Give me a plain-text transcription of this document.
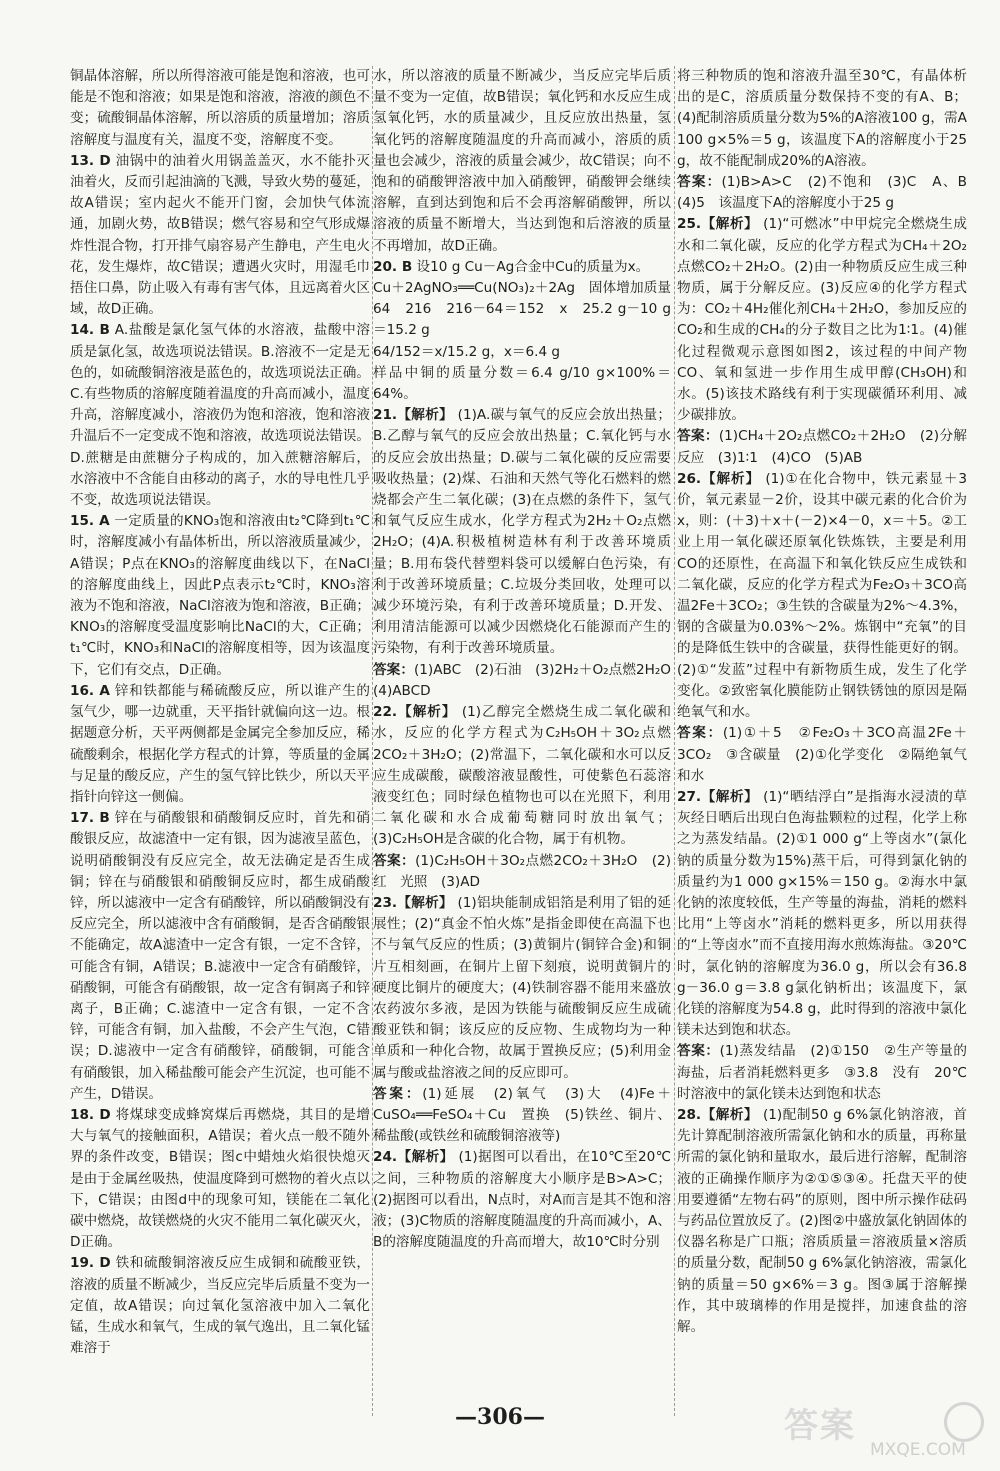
铜晶体溶解，所以所得溶液可能是饱和溶液，也可能是不饱和溶液；如果是饱和溶液，溶液的颜色不变；硫酸铜晶体溶解，所以溶质的质量增加；溶质溶解度与温度有关，温度不变，溶解度不变。

13. D 油锅中的油着火用锅盖盖灭，水不能扑灭油着火，反而引起油滴的飞溅，导致火势的蔓延，故A错误；室内起火不能开门窗，会加快气体流通，加剧火势，故B错误；燃气容易和空气形成爆炸性混合物，打开排气扇容易产生静电，产生电火花，发生爆炸，故C错误；遭遇火灾时，用湿毛巾捂住口鼻，防止吸入有毒有害气体，且远离着火区域，故D正确。

14. B A.盐酸是氯化氢气体的水溶液，盐酸中溶质是氯化氢，故选项说法错误。B.溶液不一定是无色的，如硫酸铜溶液是蓝色的，故选项说法正确。C.有些物质的溶解度随着温度的升高而减小，温度升高，溶解度减小，溶液仍为饱和溶液，饱和溶液升温后不一定变成不饱和溶液，故选项说法错误。D.蔗糖是由蔗糖分子构成的，加入蔗糖溶解后，水溶液中不含能自由移动的离子，水的导电性几乎不变，故选项说法错误。

15. A 一定质量的KNO₃饱和溶液由t₂℃降到t₁℃时，溶解度减小有晶体析出，所以溶液质量减少，A错误；P点在KNO₃的溶解度曲线以下，在NaCl的溶解度曲线上，因此P点表示t₂℃时，KNO₃溶液为不饱和溶液，NaCl溶液为饱和溶液，B正确；KNO₃的溶解度受温度影响比NaCl的大，C正确；t₁℃时，KNO₃和NaCl的溶解度相等，因为该温度下，它们有交点，D正确。

16. A 锌和铁都能与稀硫酸反应，所以谁产生的氢气少，哪一边就重，天平指针就偏向这一边。根据题意分析，天平两侧都是金属完全参加反应，稀硫酸剩余，根据化学方程式的计算，等质量的金属与足量的酸反应，产生的氢气锌比铁少，所以天平指针向锌这一侧偏。

17. B 锌在与硝酸银和硝酸铜反应时，首先和硝酸银反应，故滤渣中一定有银，因为滤液呈蓝色，说明硝酸铜没有反应完全，故无法确定是否生成铜；锌在与硝酸银和硝酸铜反应时，都生成硝酸锌，所以滤液中一定含有硝酸锌，所以硝酸铜没有反应完全，所以滤液中含有硝酸铜，是否含硝酸银不能确定，故A滤渣中一定含有银，一定不含锌，可能含有铜，A错误；B.滤液中一定含有硝酸锌，硝酸铜，可能含有硝酸银，故一定含有铜离子和锌离子，B正确；C.滤渣中一定含有银，一定不含锌，可能含有铜，加入盐酸，不会产生气泡，C错误；D.滤液中一定含有硝酸锌，硝酸铜，可能含有硝酸银，加入稀盐酸可能会产生沉淀，也可能不产生，D错误。

18. D 将煤球变成蜂窝煤后再燃烧，其目的是增大与氧气的接触面积，A错误；着火点一般不随外界的条件改变，B错误；图c中蜡烛火焰很快熄灭是由于金属丝吸热，使温度降到可燃物的着火点以下，C错误；由图d中的现象可知，镁能在二氧化碳中燃烧，故镁燃烧的火灾不能用二氧化碳灭火，D正确。

19. D 铁和硫酸铜溶液反应生成铜和硫酸亚铁，溶液的质量不断减少，当反应完毕后质量不变为一定值，故A错误；向过氧化氢溶液中加入二氧化锰，生成水和氧气，生成的氧气逸出，且二氧化锰难溶于

水，所以溶液的质量不断减少，当反应完毕后质量不变为一定值，故B错误；氧化钙和水反应生成氢氧化钙，水的质量减少，且反应放出热量，氢氧化钙的溶解度随温度的升高而减小，溶质的质量也会减少，溶液的质量会减少，故C错误；向不饱和的硝酸钾溶液中加入硝酸钾，硝酸钾会继续溶解，直到达到饱和后不会再溶解硝酸钾，所以溶液的质量不断增大，当达到饱和后溶液的质量不再增加，故D正确。

20. B 设10 g Cu－Ag合金中Cu的质量为x。

Cu＋2AgNO₃══Cu(NO₃)₂＋2Ag　固体增加质量　64　216　216－64＝152　x　25.2 g－10 g＝15.2 g

64/152＝x/15.2 g，x＝6.4 g

样品中铜的质量分数＝6.4 g/10 g×100%＝64%。

21.【解析】 (1)A.碳与氧气的反应会放出热量；B.乙醇与氧气的反应会放出热量；C.氧化钙与水的反应会放出热量；D.碳与二氧化碳的反应需要吸收热量；(2)煤、石油和天然气等化石燃料的燃烧都会产生二氧化碳；(3)在点燃的条件下，氢气和氧气反应生成水，化学方程式为2H₂＋O₂点燃2H₂O；(4)A.积极植树造林有利于改善环境质量；B.用布袋代替塑料袋可以缓解白色污染，有利于改善环境质量；C.垃圾分类回收，处理可以减少环境污染，有利于改善环境质量；D.开发、利用清洁能源可以减少因燃烧化石能源而产生的污染物，有利于改善环境质量。

答案：(1)ABC　(2)石油　(3)2H₂＋O₂点燃2H₂O　(4)ABCD

22.【解析】 (1)乙醇完全燃烧生成二氧化碳和水，反应的化学方程式为C₂H₅OH＋3O₂点燃2CO₂＋3H₂O；(2)常温下，二氧化碳和水可以反应生成碳酸，碳酸溶液显酸性，可使紫色石蕊溶液变红色；同时绿色植物也可以在光照下，利用二氧化碳和水合成葡萄糖同时放出氧气；(3)C₂H₅OH是含碳的化合物，属于有机物。

答案：(1)C₂H₅OH＋3O₂点燃2CO₂＋3H₂O　(2)红　光照　(3)AD

23.【解析】 (1)铝块能制成铝箔是利用了铝的延展性；(2)“真金不怕火炼”是指金即使在高温下也不与氧气反应的性质；(3)黄铜片(铜锌合金)和铜片互相刻画，在铜片上留下刻痕，说明黄铜片的硬度比铜片的硬度大；(4)铁制容器不能用来盛放农药波尔多液，是因为铁能与硫酸铜反应生成硫酸亚铁和铜；该反应的反应物、生成物均为一种单质和一种化合物，故属于置换反应；(5)利用金属与酸或盐溶液之间的反应即可。

答案：(1)延展　(2)氧气　(3)大　(4)Fe＋CuSO₄══FeSO₄＋Cu　置换　(5)铁丝、铜片、稀盐酸(或铁丝和硫酸铜溶液等)

24.【解析】 (1)据图可以看出，在10℃至20℃之间，三种物质的溶解度大小顺序是B>A>C；(2)据图可以看出，N点时，对A而言是其不饱和溶液；(3)C物质的溶解度随温度的升高而减小，A、B的溶解度随温度的升高而增大，故10℃时分别

将三种物质的饱和溶液升温至30℃，有晶体析出的是C，溶质质量分数保持不变的有A、B；(4)配制溶质质量分数为5%的A溶液100 g，需A 100 g×5%＝5 g，该温度下A的溶解度小于25 g，故不能配制成20%的A溶液。

答案：(1)B>A>C　(2)不饱和　(3)C　A、B　(4)5　该温度下A的溶解度小于25 g

25.【解析】 (1)“可燃冰”中甲烷完全燃烧生成水和二氧化碳，反应的化学方程式为CH₄＋2O₂点燃CO₂＋2H₂O。(2)由一种物质反应生成三种物质，属于分解反应。(3)反应④的化学方程式为：CO₂＋4H₂催化剂CH₄＋2H₂O，参加反应的CO₂和生成的CH₄的分子数目之比为1∶1。(4)催化过程微观示意图如图2，该过程的中间产物CO、氧和氢进一步作用生成甲醇(CH₃OH)和水。(5)该技术路线有利于实现碳循环利用、减少碳排放。

答案：(1)CH₄＋2O₂点燃CO₂＋2H₂O　(2)分解反应　(3)1∶1　(4)CO　(5)AB

26.【解析】 (1)①在化合物中，铁元素显＋3价，氧元素显－2价，设其中碳元素的化合价为x，则：(＋3)＋x＋(－2)×4－0，x＝＋5。②工业上用一氧化碳还原氧化铁炼铁，主要是利用CO的还原性，在高温下和氧化铁反应生成铁和二氧化碳，反应的化学方程式为Fe₂O₃＋3CO高温2Fe＋3CO₂；③生铁的含碳量为2%～4.3%，钢的含碳量为0.03%～2%。炼钢中“充氧”的目的是降低生铁中的含碳量，获得性能更好的钢。(2)①“发蓝”过程中有新物质生成，发生了化学变化。②致密氧化膜能防止钢铁锈蚀的原因是隔绝氧气和水。

答案：(1)①＋5　②Fe₂O₃＋3CO高温2Fe＋3CO₂　③含碳量　(2)①化学变化　②隔绝氧气和水

27.【解析】 (1)“晒结浮白”是指海水浸渍的草灰经日晒后出现白色海盐颗粒的过程，化学上称之为蒸发结晶。(2)①1 000 g“上等卤水”(氯化钠的质量分数为15%)蒸干后，可得到氯化钠的质量约为1 000 g×15%＝150 g。②海水中氯化钠的浓度较低，生产等量的海盐，消耗的燃料比用“上等卤水”消耗的燃料更多，所以用获得的“上等卤水”而不直接用海水煎炼海盐。③20℃时，氯化钠的溶解度为36.0 g，所以会有36.8 g－36.0 g＝3.8 g氯化钠析出；该温度下，氯化镁的溶解度为54.8 g，此时得到的溶液中氯化镁未达到饱和状态。

答案：(1)蒸发结晶　(2)①150　②生产等量的海盐，后者消耗燃料更多　③3.8　没有　20℃时溶液中的氯化镁未达到饱和状态

28.【解析】 (1)配制50 g 6%氯化钠溶液，首先计算配制溶液所需氯化钠和水的质量，再称量所需的氯化钠和量取水，最后进行溶解，配制溶液的正确操作顺序为②①⑤③④。托盘天平的使用要遵循“左物右码”的原则，图中所示操作砝码与药品位置放反了。(2)图②中盛放氯化钠固体的仪器名称是广口瓶；溶质质量＝溶液质量×溶质的质量分数，配制50 g 6%氯化钠溶液，需氯化钠的质量＝50 g×6%＝3 g。图③属于溶解操作，其中玻璃棒的作用是搅拌，加速食盐的溶解。

—306—	答案
MXQE.COM
